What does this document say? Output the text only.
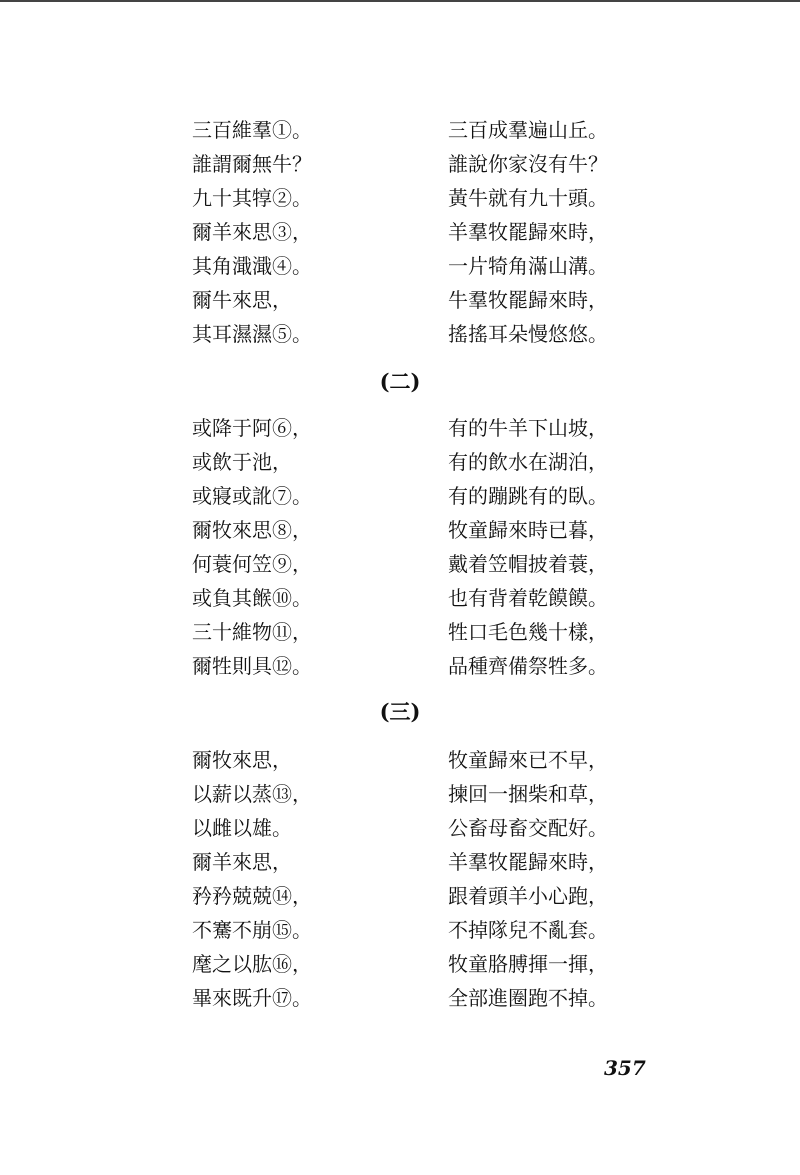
三百維羣①。	三百成羣遍山丘。
誰謂爾無牛？	誰說你家沒有牛？
九十其犉②。	黃牛就有九十頭。
爾羊來思③，	羊羣牧罷歸來時，
其角濈濈④。	一片犄角滿山溝。
爾牛來思，	牛羣牧罷歸來時，
其耳濕濕⑤。	搖搖耳朵慢悠悠。
(二)
或降于阿⑥，	有的牛羊下山坡，
或飲于池，	有的飲水在湖泊，
或寢或訛⑦。	有的蹦跳有的臥。
爾牧來思⑧，	牧童歸來時已暮，
何蓑何笠⑨，	戴着笠帽披着蓑，
或負其餱⑩。	也有背着乾饃饃。
三十維物⑪，	牲口毛色幾十樣，
爾牲則具⑫。	品種齊備祭牲多。
(三)
爾牧來思，	牧童歸來已不早，
以薪以蒸⑬，	揀回一捆柴和草，
以雌以雄。	公畜母畜交配好。
爾羊來思，	羊羣牧罷歸來時，
矜矜兢兢⑭，	跟着頭羊小心跑，
不騫不崩⑮。	不掉隊兒不亂套。
麾之以肱⑯，	牧童胳膊揮一揮，
畢來既升⑰。	全部進圈跑不掉。
357
